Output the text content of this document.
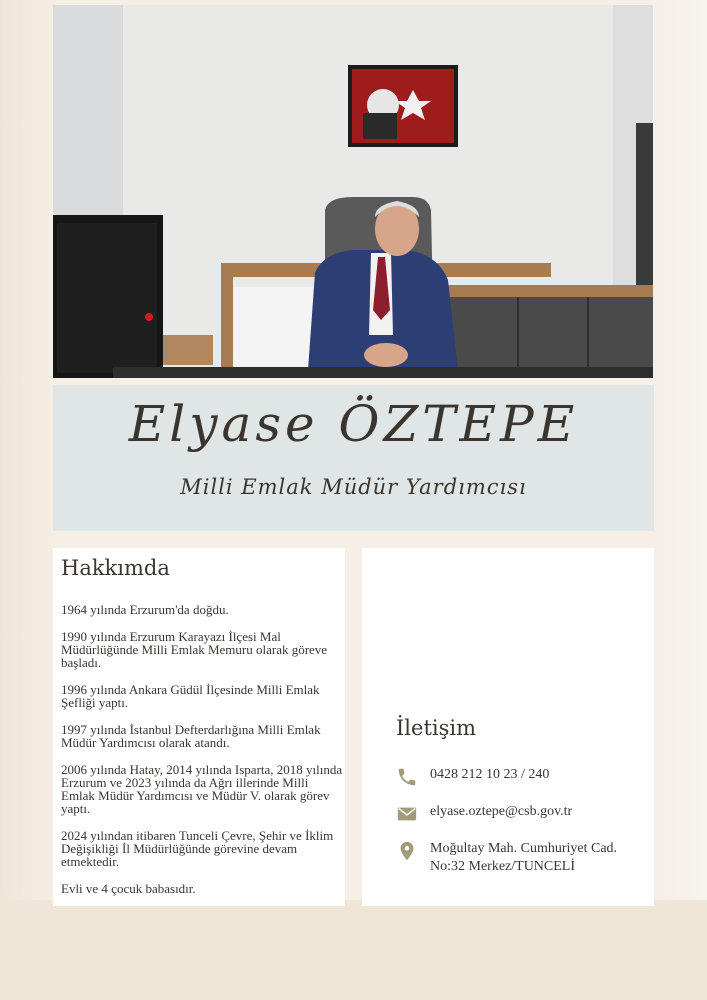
Elyase ÖZTEPE
Milli Emlak Müdür Yardımcısı
Hakkımda

1964 yılında Erzurum'da doğdu.

1990 yılında Erzurum Karayazı İlçesi Mal Müdürlüğünde Milli Emlak Memuru olarak göreve başladı.

1996 yılında Ankara Güdül İlçesinde Milli Emlak Şefliği yaptı.

1997 yılında İstanbul Defterdarlığına Milli Emlak Müdür Yardımcısı olarak atandı.

2006 yılında Hatay, 2014 yılında Isparta, 2018 yılında Erzurum ve 2023 yılında da Ağrı illerinde Milli Emlak Müdür Yardımcısı ve Müdür V. olarak görev yaptı.

2024 yılından itibaren Tunceli Çevre, Şehir ve İklim Değişikliği İl Müdürlüğünde görevine devam etmektedir.

Evli ve 4 çocuk babasıdır.

İletişim
0428 212 10 23 / 240
elyase.oztepe@csb.gov.tr
Moğultay Mah. Cumhuriyet Cad.
No:32 Merkez/TUNCELİ
